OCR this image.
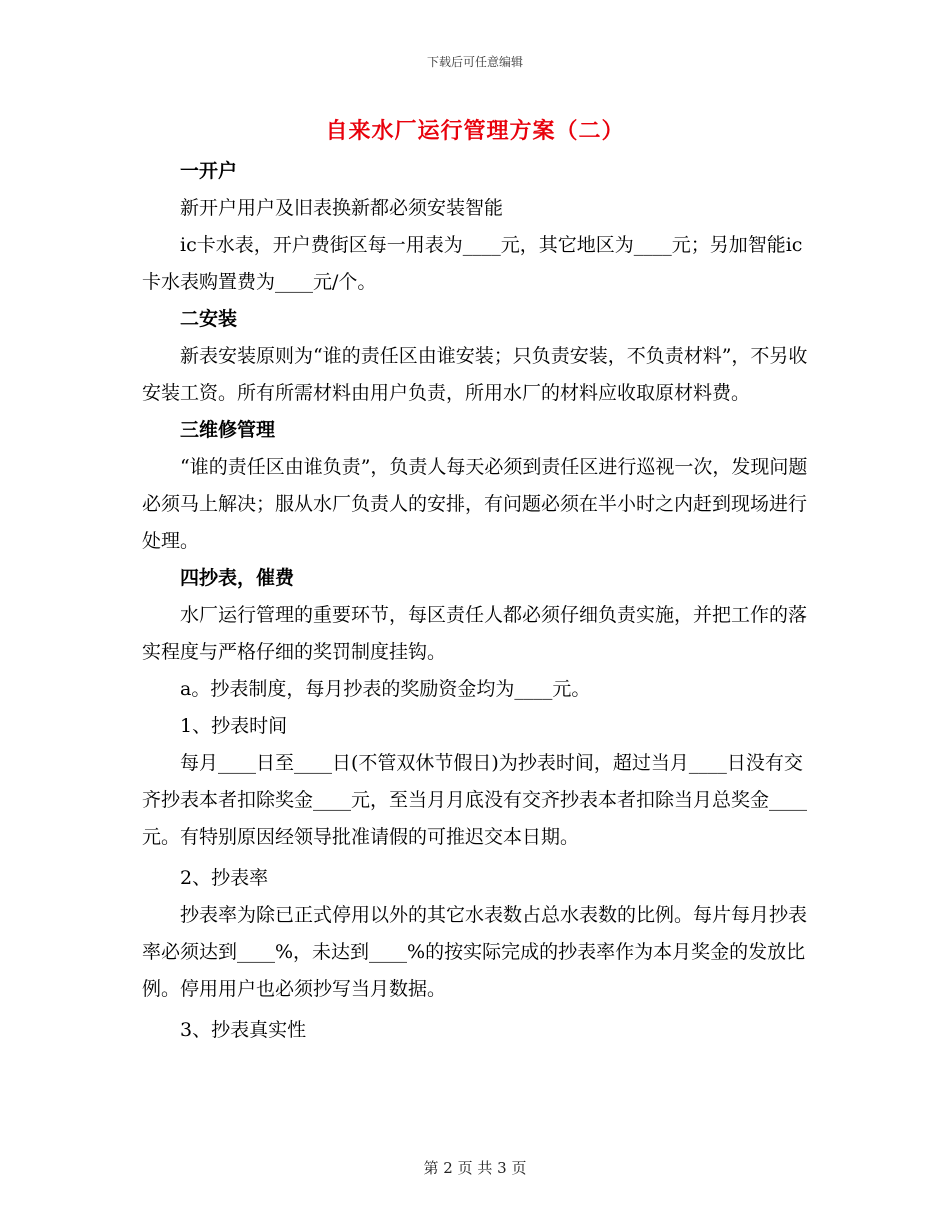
下载后可任意编辑
自来水厂运行管理方案（二）

一开户

新开户用户及旧表换新都必须安装智能

ic卡水表，开户费街区每一用表为____元，其它地区为____元；另加智能ic卡水表购置费为____元/个。

二安装

新表安装原则为“谁的责任区由谁安装；只负责安装，不负责材料”，不另收安装工资。所有所需材料由用户负责，所用水厂的材料应收取原材料费。

三维修管理

“谁的责任区由谁负责”，负责人每天必须到责任区进行巡视一次，发现问题必须马上解决；服从水厂负责人的安排，有问题必须在半小时之内赶到现场进行处理。

四抄表，催费

水厂运行管理的重要环节，每区责任人都必须仔细负责实施，并把工作的落实程度与严格仔细的奖罚制度挂钩。

a。抄表制度，每月抄表的奖励资金均为____元。

1、抄表时间

每月____日至____日(不管双休节假日)为抄表时间，超过当月____日没有交齐抄表本者扣除奖金____元，至当月月底没有交齐抄表本者扣除当月总奖金____元。有特别原因经领导批准请假的可推迟交本日期。

2、抄表率

抄表率为除已正式停用以外的其它水表数占总水表数的比例。每片每月抄表率必须达到____%，未达到____%的按实际完成的抄表率作为本月奖金的发放比例。停用用户也必须抄写当月数据。

3、抄表真实性

第 2 页 共 3 页
